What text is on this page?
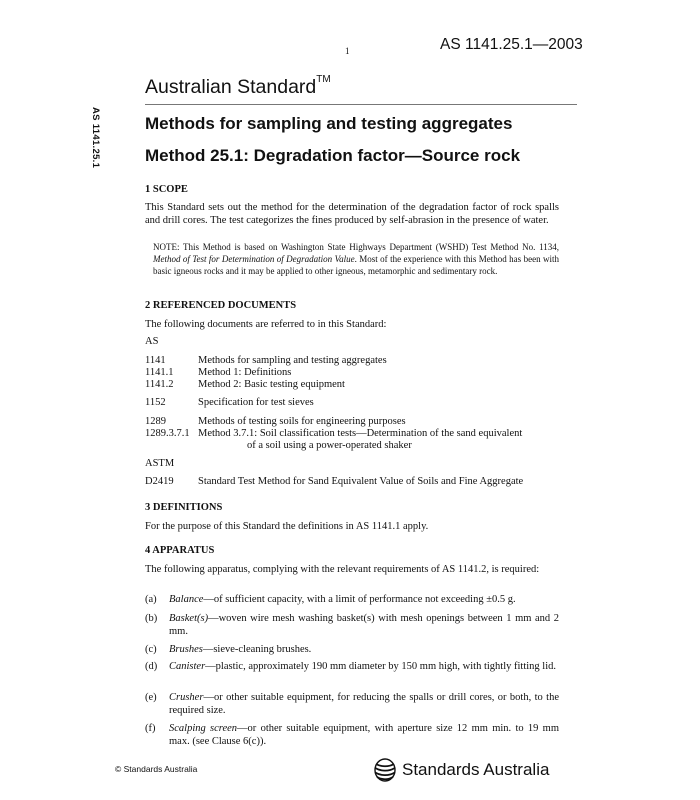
1	AS 1141.25.1—2003
Australian Standard™
AS 1141.25.1	Methods for sampling and testing aggregates
Method 25.1: Degradation factor—Source rock
1 SCOPE
This Standard sets out the method for the determination of the degradation factor of rock spalls and drill cores. The test categorizes the fines produced by self-abrasion in the presence of water.
NOTE: This Method is based on Washington State Highways Department (WSHD) Test Method No. 1134, Method of Test for Determination of Degradation Value. Most of the experience with this Method has been with basic igneous rocks and it may be applied to other igneous, metamorphic and sedimentary rock.
2 REFERENCED DOCUMENTS
The following documents are referred to in this Standard:
AS
1141	Methods for sampling and testing aggregates
1141.1 Method 1: Definitions
1141.2 Method 2: Basic testing equipment
1152	Specification for test sieves
1289	Methods of testing soils for engineering purposes
1289.3.7.1 Method 3.7.1: Soil classification tests—Determination of the sand equivalent
of a soil using a power-operated shaker
ASTM
D2419 Standard Test Method for Sand Equivalent Value of Soils and Fine Aggregate
3 DEFINITIONS
For the purpose of this Standard the definitions in AS 1141.1 apply.
4 APPARATUS
The following apparatus, complying with the relevant requirements of AS 1141.2, is required:
(a) Balance—of sufficient capacity, with a limit of performance not exceeding ±0.5 g.
(b) Basket(s)—woven wire mesh washing basket(s) with mesh openings between 1 mm and 2 mm.
(c) Brushes—sieve-cleaning brushes.
(d) Canister—plastic, approximately 190 mm diameter by 150 mm high, with tightly fitting lid.
(e) Crusher—or other suitable equipment, for reducing the spalls or drill cores, or both, to the required size.
(f) Scalping screen—or other suitable equipment, with aperture size 12 mm min. to 19 mm max. (see Clause 6(c)).
© Standards Australia	Standards Australia
